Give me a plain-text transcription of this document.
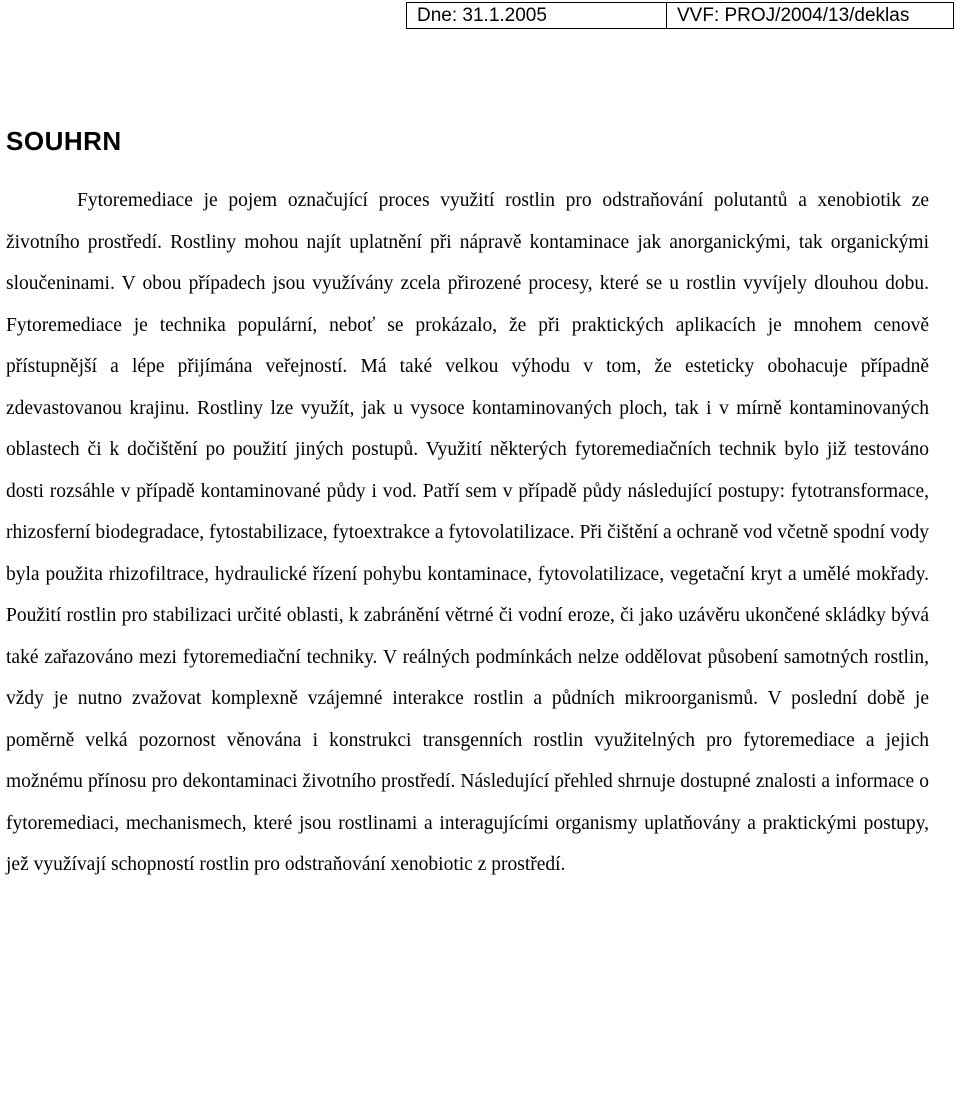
Dne: 31.1.2005	VVF: PROJ/2004/13/deklas
SOUHRN

Fytoremediace je pojem označující proces využití rostlin pro odstraňování polutantů a xenobiotik ze životního prostředí. Rostliny mohou najít uplatnění při nápravě kontaminace jak anorganickými, tak organickými sloučeninami. V obou případech jsou využívány zcela přirozené procesy, které se u rostlin vyvíjely dlouhou dobu. Fytoremediace je technika populární, neboť se prokázalo, že při praktických aplikacích je mnohem cenově přístupnější a lépe přijímána veřejností. Má také velkou výhodu v tom, že esteticky obohacuje případně zdevastovanou krajinu. Rostliny lze využít, jak u vysoce kontaminovaných ploch, tak i v mírně kontaminovaných oblastech či k dočištění po použití jiných postupů. Využití některých fytoremediačních technik bylo již testováno dosti rozsáhle v případě kontaminované půdy i vod. Patří sem v případě půdy následující postupy: fytotransformace, rhizosferní biodegradace, fytostabilizace, fytoextrakce a fytovolatilizace. Při čištění a ochraně vod včetně spodní vody byla použita rhizofiltrace, hydraulické řízení pohybu kontaminace, fytovolatilizace, vegetační kryt a umělé mokřady. Použití rostlin pro stabilizaci určité oblasti, k zabránění větrné či vodní eroze, či jako uzávěru ukončené skládky bývá také zařazováno mezi fytoremediační techniky. V reálných podmínkách nelze oddělovat působení samotných rostlin, vždy je nutno zvažovat komplexně vzájemné interakce rostlin a půdních mikroorganismů. V poslední době je poměrně velká pozornost věnována i konstrukci transgenních rostlin využitelných pro fytoremediace a jejich možnému přínosu pro dekontaminaci životního prostředí. Následující přehled shrnuje dostupné znalosti a informace o fytoremediaci, mechanismech, které jsou rostlinami a interagujícími organismy uplatňovány a praktickými postupy, jež využívají schopností rostlin pro odstraňování xenobiotic z prostředí.
